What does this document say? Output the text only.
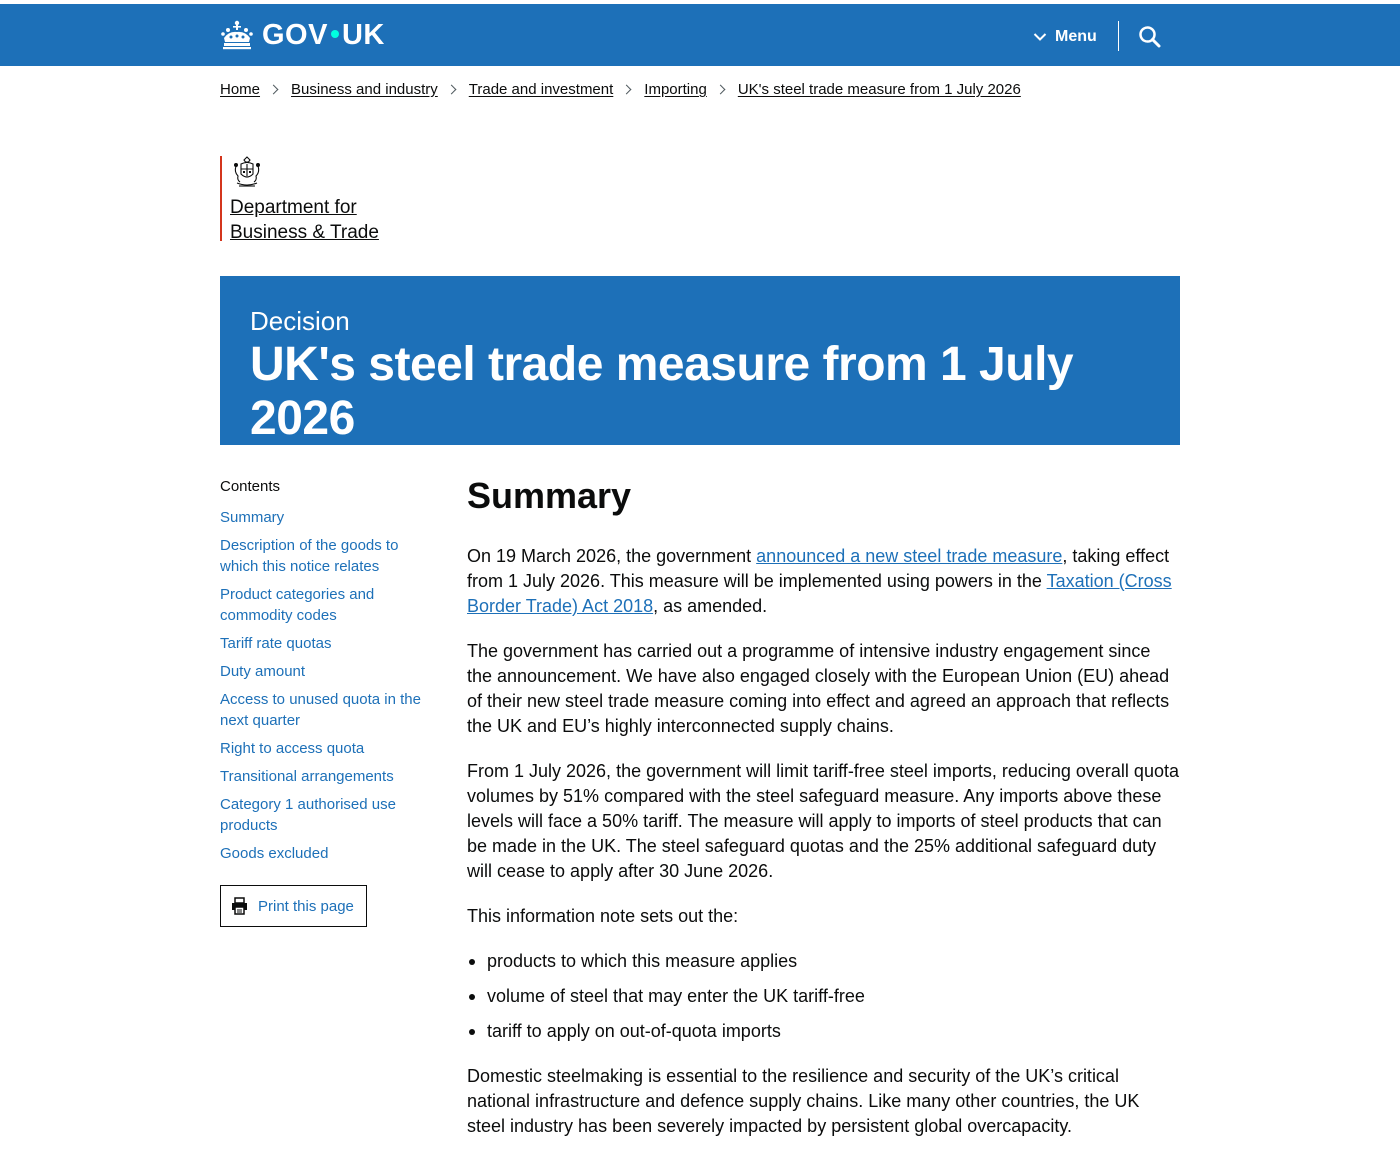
GOV UK	Menu
Home Business and industry Trade and investment Importing UK's steel trade measure from 1 July 2026
Department for
Business & Trade
Decision
UK's steel trade measure from 1 July 2026
Updated 25 June 2026
Contents
Summary
Description of the goods to which this notice relates
Product categories and commodity codes
Tariff rate quotas
Duty amount
Access to unused quota in the next quarter
Right to access quota
Transitional arrangements
Category 1 authorised use products
Goods excluded
Print this page
Summary

On 19 March 2026, the government announced a new steel trade measure, taking effect from 1 July 2026. This measure will be implemented using powers in the Taxation (Cross Border Trade) Act 2018, as amended.

The government has carried out a programme of intensive industry engagement since the announcement. We have also engaged closely with the European Union (EU) ahead of their new steel trade measure coming into effect and agreed an approach that reflects the UK and EU’s highly interconnected supply chains.

From 1 July 2026, the government will limit tariff-free steel imports, reducing overall quota volumes by 51% compared with the steel safeguard measure. Any imports above these levels will face a 50% tariff. The measure will apply to imports of steel products that can be made in the UK. The steel safeguard quotas and the 25% additional safeguard duty will cease to apply after 30 June 2026.

This information note sets out the:

products to which this measure applies
volume of steel that may enter the UK tariff-free
tariff to apply on out-of-quota imports

Domestic steelmaking is essential to the resilience and security of the UK’s critical national infrastructure and defence supply chains. Like many other countries, the UK steel industry has been severely impacted by persistent global overcapacity.
